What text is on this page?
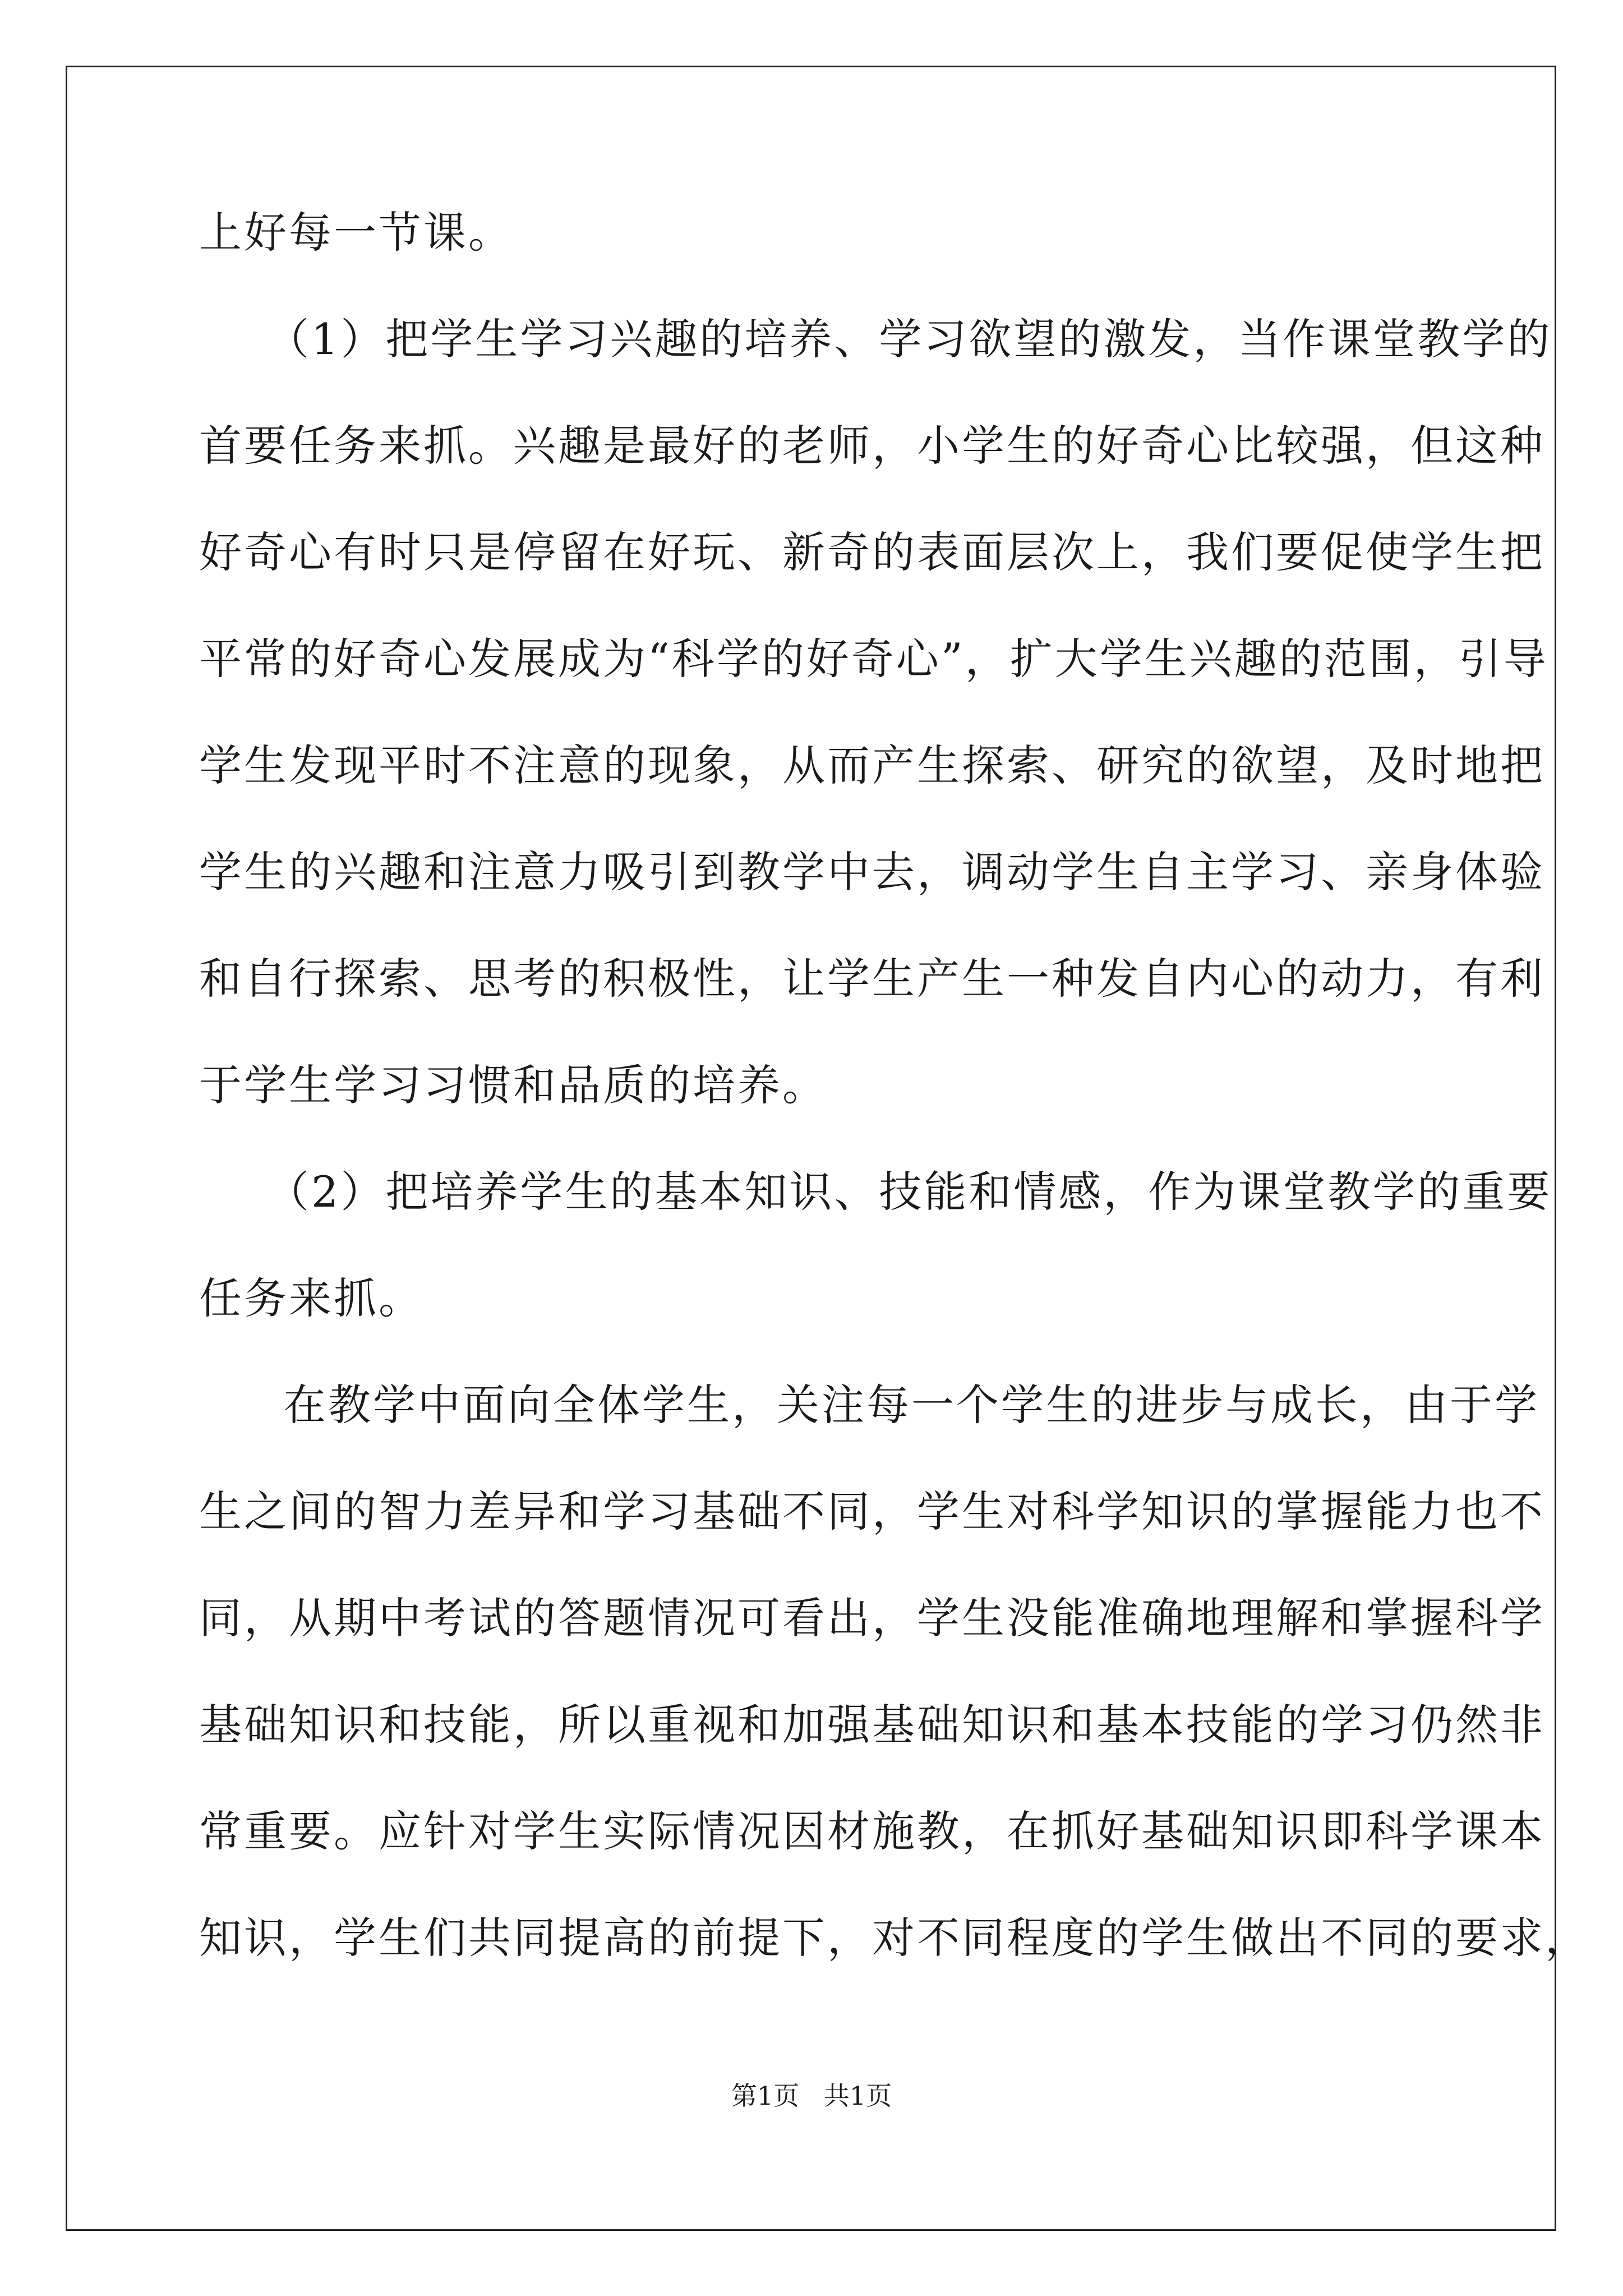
上好每一节课。
（1）把学生学习兴趣的培养、学习欲望的激发，当作课堂教学的
首要任务来抓。兴趣是最好的老师，小学生的好奇心比较强，但这种
好奇心有时只是停留在好玩、新奇的表面层次上，我们要促使学生把
平常的好奇心发展成为“科学的好奇心”，扩大学生兴趣的范围，引导
学生发现平时不注意的现象，从而产生探索、研究的欲望，及时地把
学生的兴趣和注意力吸引到教学中去，调动学生自主学习、亲身体验
和自行探索、思考的积极性，让学生产生一种发自内心的动力，有利
于学生学习习惯和品质的培养。
（2）把培养学生的基本知识、技能和情感，作为课堂教学的重要
任务来抓。
在教学中面向全体学生，关注每一个学生的进步与成长，由于学
生之间的智力差异和学习基础不同，学生对科学知识的掌握能力也不
同，从期中考试的答题情况可看出，学生没能准确地理解和掌握科学
基础知识和技能，所以重视和加强基础知识和基本技能的学习仍然非
常重要。应针对学生实际情况因材施教，在抓好基础知识即科学课本
知识，学生们共同提高的前提下，对不同程度的学生做出不同的要求，
第1页   共1页
